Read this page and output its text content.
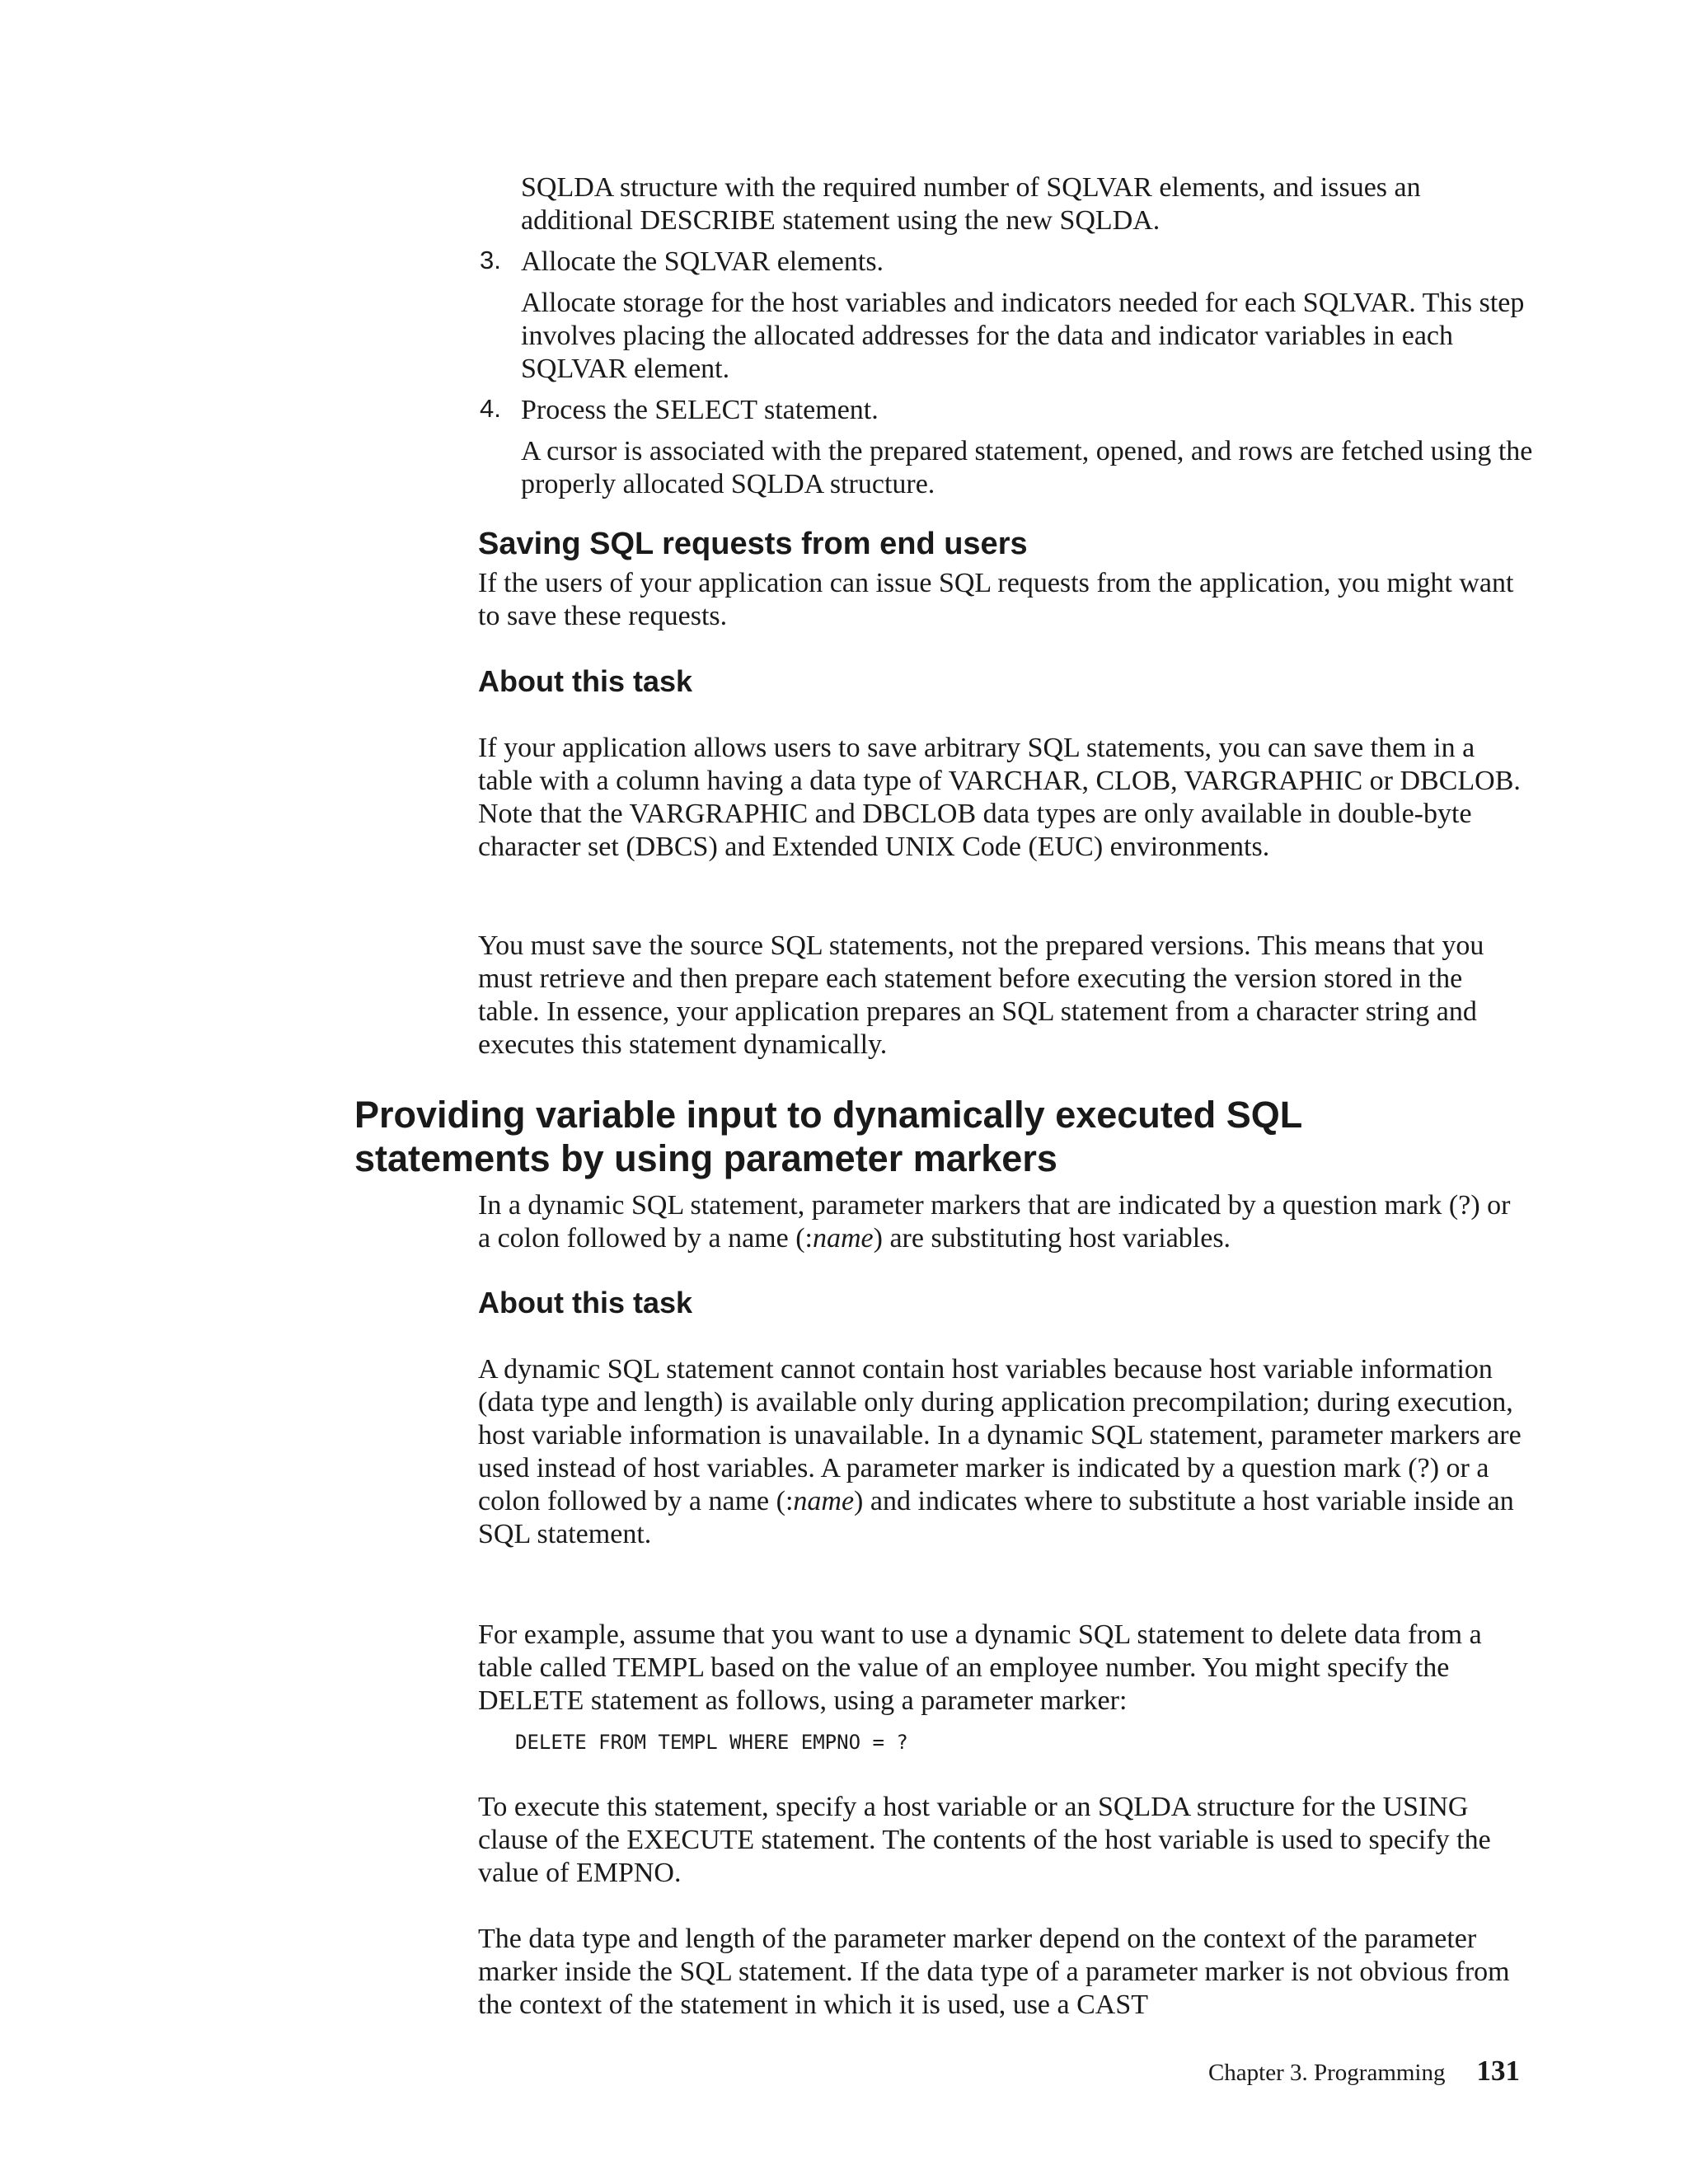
SQLDA structure with the required number of SQLVAR elements, and issues an additional DESCRIBE statement using the new SQLDA.

3. Allocate the SQLVAR elements.

Allocate storage for the host variables and indicators needed for each SQLVAR. This step involves placing the allocated addresses for the data and indicator variables in each SQLVAR element.

4. Process the SELECT statement.

A cursor is associated with the prepared statement, opened, and rows are fetched using the properly allocated SQLDA structure.

Saving SQL requests from end users

If the users of your application can issue SQL requests from the application, you might want to save these requests.

About this task

If your application allows users to save arbitrary SQL statements, you can save them in a table with a column having a data type of VARCHAR, CLOB, VARGRAPHIC or DBCLOB. Note that the VARGRAPHIC and DBCLOB data types are only available in double-byte character set (DBCS) and Extended UNIX Code (EUC) environments.

You must save the source SQL statements, not the prepared versions. This means that you must retrieve and then prepare each statement before executing the version stored in the table. In essence, your application prepares an SQL statement from a character string and executes this statement dynamically.

Providing variable input to dynamically executed SQL
statements by using parameter markers

In a dynamic SQL statement, parameter markers that are indicated by a question mark (?) or a colon followed by a name (:name) are substituting host variables.

About this task

A dynamic SQL statement cannot contain host variables because host variable information (data type and length) is available only during application precompilation; during execution, host variable information is unavailable. In a dynamic SQL statement, parameter markers are used instead of host variables. A parameter marker is indicated by a question mark (?) or a colon followed by a name (:name) and indicates where to substitute a host variable inside an SQL statement.

For example, assume that you want to use a dynamic SQL statement to delete data from a table called TEMPL based on the value of an employee number. You might specify the DELETE statement as follows, using a parameter marker:

DELETE FROM TEMPL WHERE EMPNO = ?

To execute this statement, specify a host variable or an SQLDA structure for the USING clause of the EXECUTE statement. The contents of the host variable is used to specify the value of EMPNO.

The data type and length of the parameter marker depend on the context of the parameter marker inside the SQL statement. If the data type of a parameter marker is not obvious from the context of the statement in which it is used, use a CAST

Chapter 3. Programming 131
